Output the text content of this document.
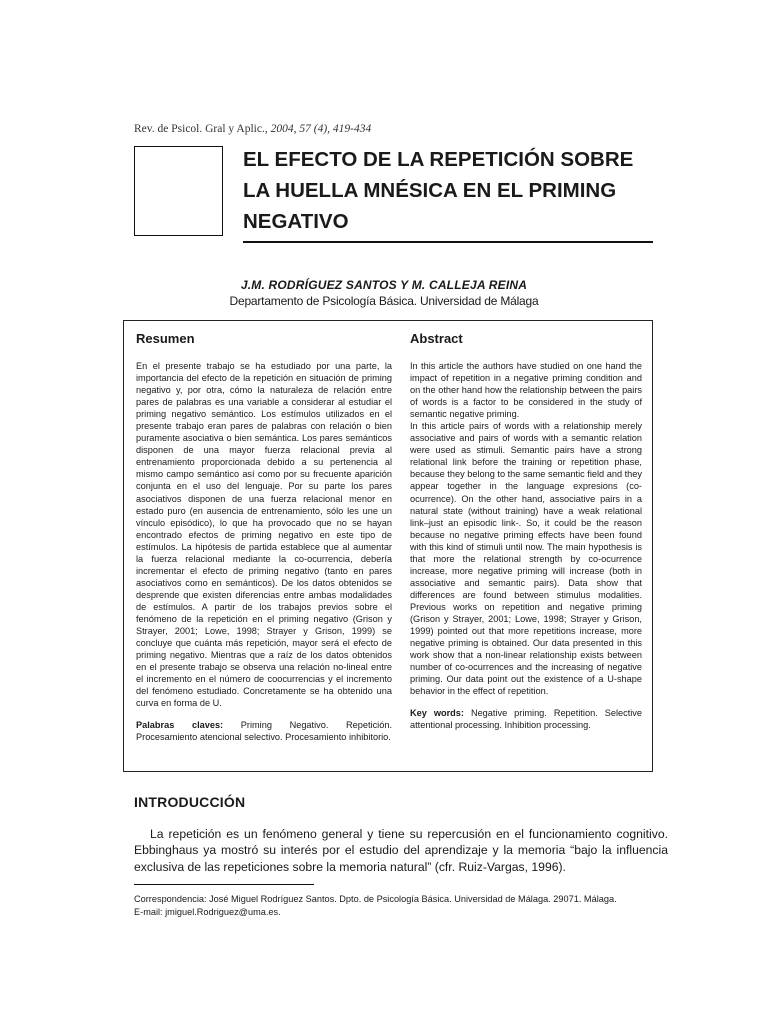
Rev. de Psicol. Gral y Aplic., 2004, 57 (4), 419-434
EL EFECTO DE LA REPETICIÓN SOBRE LA HUELLA MNÉSICA EN EL PRIMING NEGATIVO
J.M. RODRÍGUEZ SANTOS Y M. CALLEJA REINA
Departamento de Psicología Básica. Universidad de Málaga
Resumen

En el presente trabajo se ha estudiado por una parte, la importancia del efecto de la repetición en situación de priming negativo y, por otra, cómo la naturaleza de relación entre pares de palabras es una variable a considerar al estudiar el priming negativo semántico. Los estímulos utilizados en el presente trabajo eran pares de palabras con relación o bien puramente asociativa o bien semántica. Los pares semánticos disponen de una mayor fuerza relacional previa al entrenamiento proporcionada debido a su pertenencia al mismo campo semántico así como por su frecuente aparición conjunta en el uso del lenguaje. Por su parte los pares asociativos disponen de una fuerza relacional menor en estado puro (en ausencia de entrenamiento, sólo les une un vínculo episódico), lo que ha provocado que no se hayan encontrado efectos de priming negativo en este tipo de estímulos. La hipótesis de partida establece que al aumentar la fuerza relacional mediante la co-ocurrencia, debería incrementar el efecto de priming negativo (tanto en pares asociativos como en semánticos). De los datos obtenidos se desprende que existen diferencias entre ambas modalidades de estímulos. A partir de los trabajos previos sobre el fenómeno de la repetición en el priming negativo (Grison y Strayer, 2001; Lowe, 1998; Strayer y Grison, 1999) se concluye que cuánta más repetición, mayor será el efecto de priming negativo. Mientras que a raíz de los datos obtenidos en el presente trabajo se observa una relación no-lineal entre el incremento en el número de coocurrencias y el incremento del fenómeno estudiado. Concretamente se ha obtenido una curva en forma de U.

Palabras claves: Priming Negativo. Repetición. Procesamiento atencional selectivo. Procesamiento inhibitorio.

Abstract

In this article the authors have studied on one hand the impact of repetition in a negative priming condition and on the other hand how the relationship between the pairs of words is a factor to be considered in the study of semantic negative priming.

In this article pairs of words with a relationship merely associative and pairs of words with a semantic relation were used as stimuli. Semantic pairs have a strong relational link before the training or repetition phase, because they belong to the same semantic field and they appear together in the language expresions (co-ocurrence). On the other hand, associative pairs in a natural state (without training) have a weak relational link–just an episodic link-. So, it could be the reason because no negative priming effects have been found with this kind of stimuli until now. The main hypothesis is that more the relational strength by co-ocurrence increase, more negative priming will increase (both in associative and semantic pairs). Data show that differences are found between stimulus modalities. Previous works on repetition and negative priming (Grison y Strayer, 2001; Lowe, 1998; Strayer y Grison, 1999) pointed out that more repetitions increase, more negative priming is obtained. Our data presented in this work show that a non-linear relationship exists between number of co-ocurrences and the increasing of negative priming. Our data point out the existence of a U-shape behavior in the effect of repetition.

Key words: Negative priming. Repetition. Selective attentional processing. Inhibition processing.

INTRODUCCIÓN

La repetición es un fenómeno general y tiene su repercusión en el funcionamiento cognitivo. Ebbinghaus ya mostró su interés por el estudio del aprendizaje y la memoria “bajo la influencia exclusiva de las repeticiones sobre la memoria natural” (cfr. Ruiz-Vargas, 1996).

Correspondencia: José Miguel Rodríguez Santos. Dpto. de Psicología Básica. Universidad de Málaga. 29071. Málaga.
E-mail: jmiguel.Rodriguez@uma.es.
